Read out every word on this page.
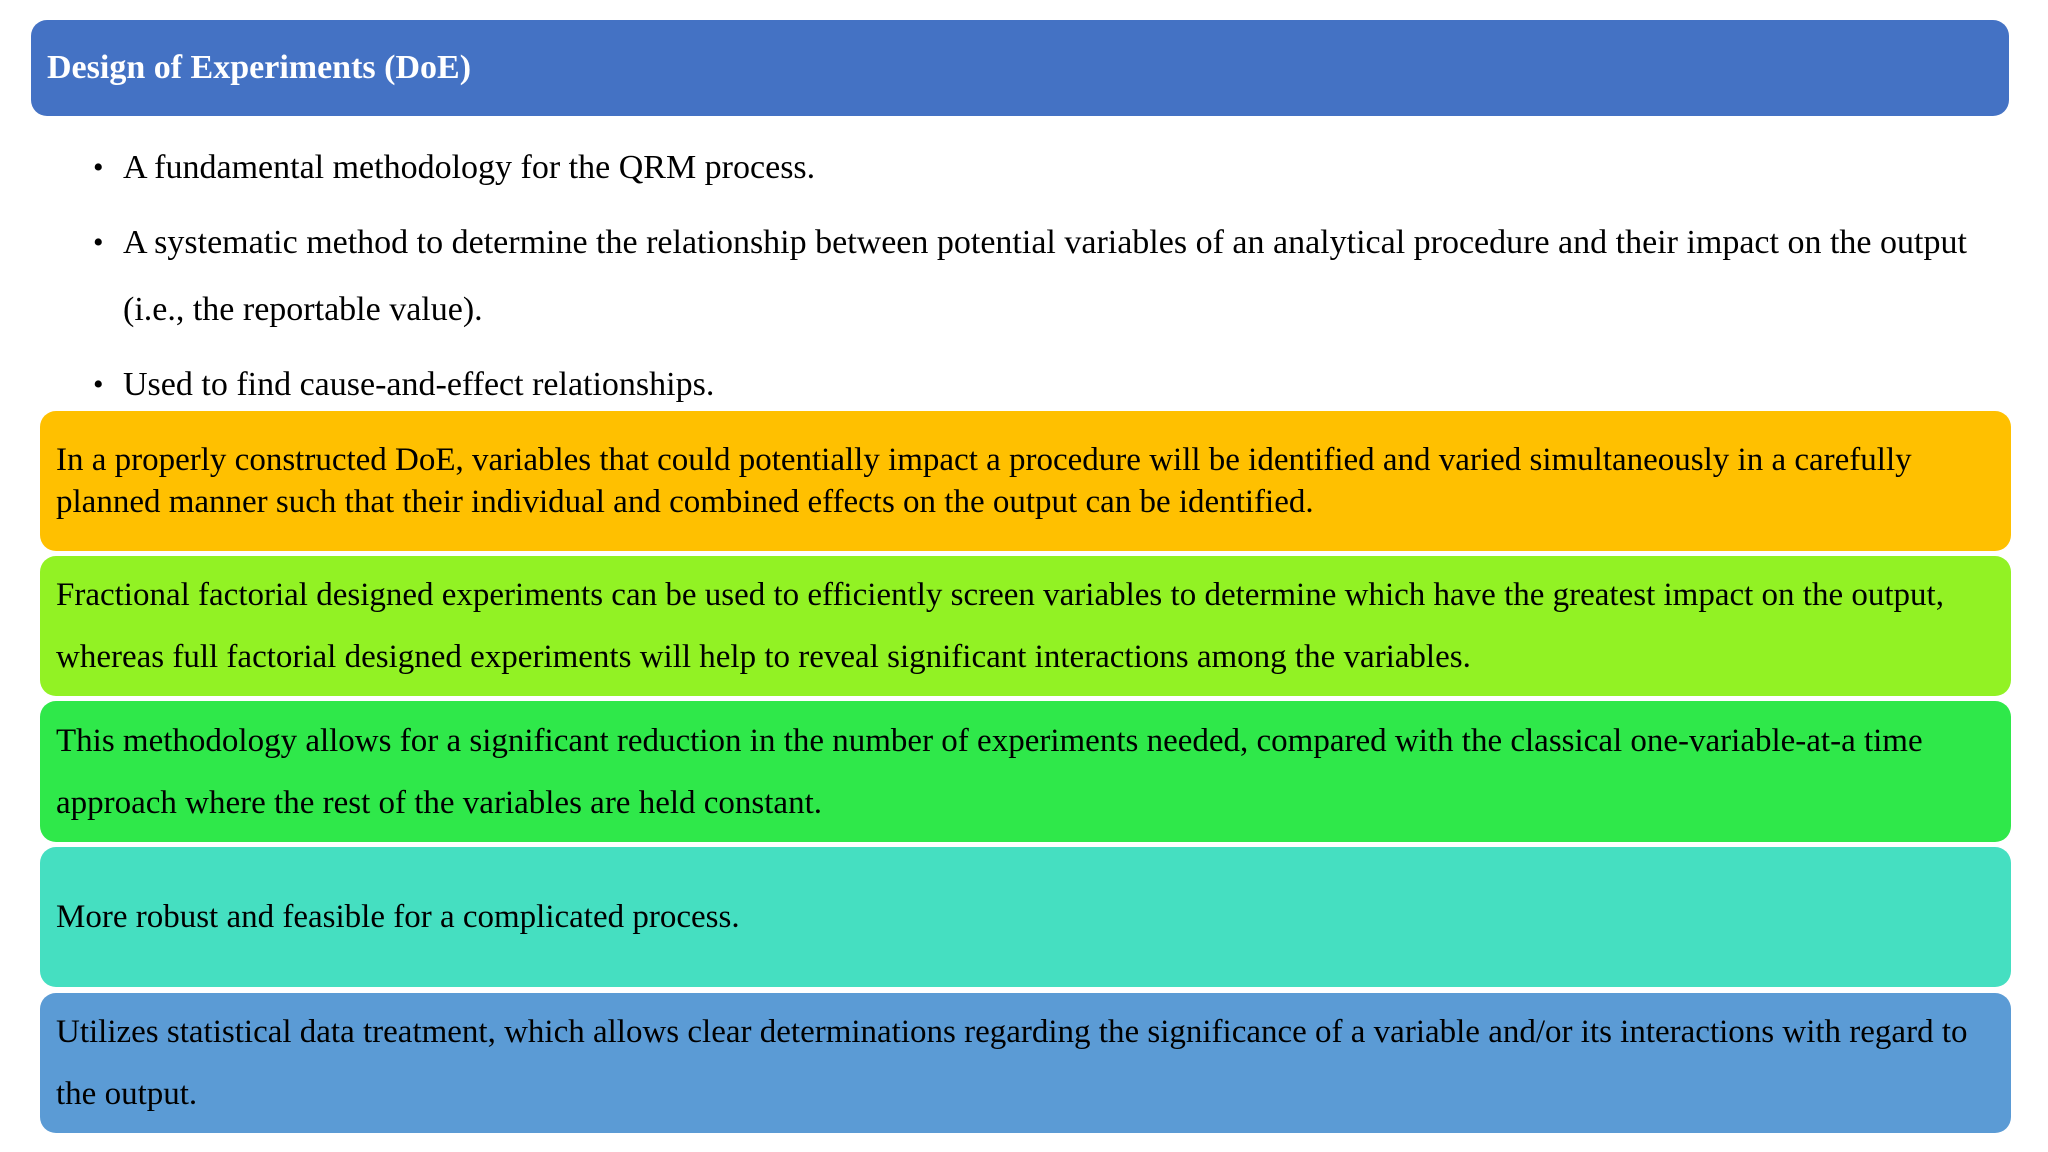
Design of Experiments (DoE)
• A fundamental methodology for the QRM process.
• A systematic method to determine the relationship between potential variables of an analytical procedure and their impact on the output (i.e., the reportable value).
• Used to find cause-and-effect relationships.
In a properly constructed DoE, variables that could potentially impact a procedure will be identified and varied simultaneously in a carefully planned manner such that their individual and combined effects on the output can be identified.
Fractional factorial designed experiments can be used to efficiently screen variables to determine which have the greatest impact on the output, whereas full factorial designed experiments will help to reveal significant interactions among the variables.
This methodology allows for a significant reduction in the number of experiments needed, compared with the classical one-variable-at-a time approach where the rest of the variables are held constant.
More robust and feasible for a complicated process.
Utilizes statistical data treatment, which allows clear determinations regarding the significance of a variable and/or its interactions with regard to the output.
